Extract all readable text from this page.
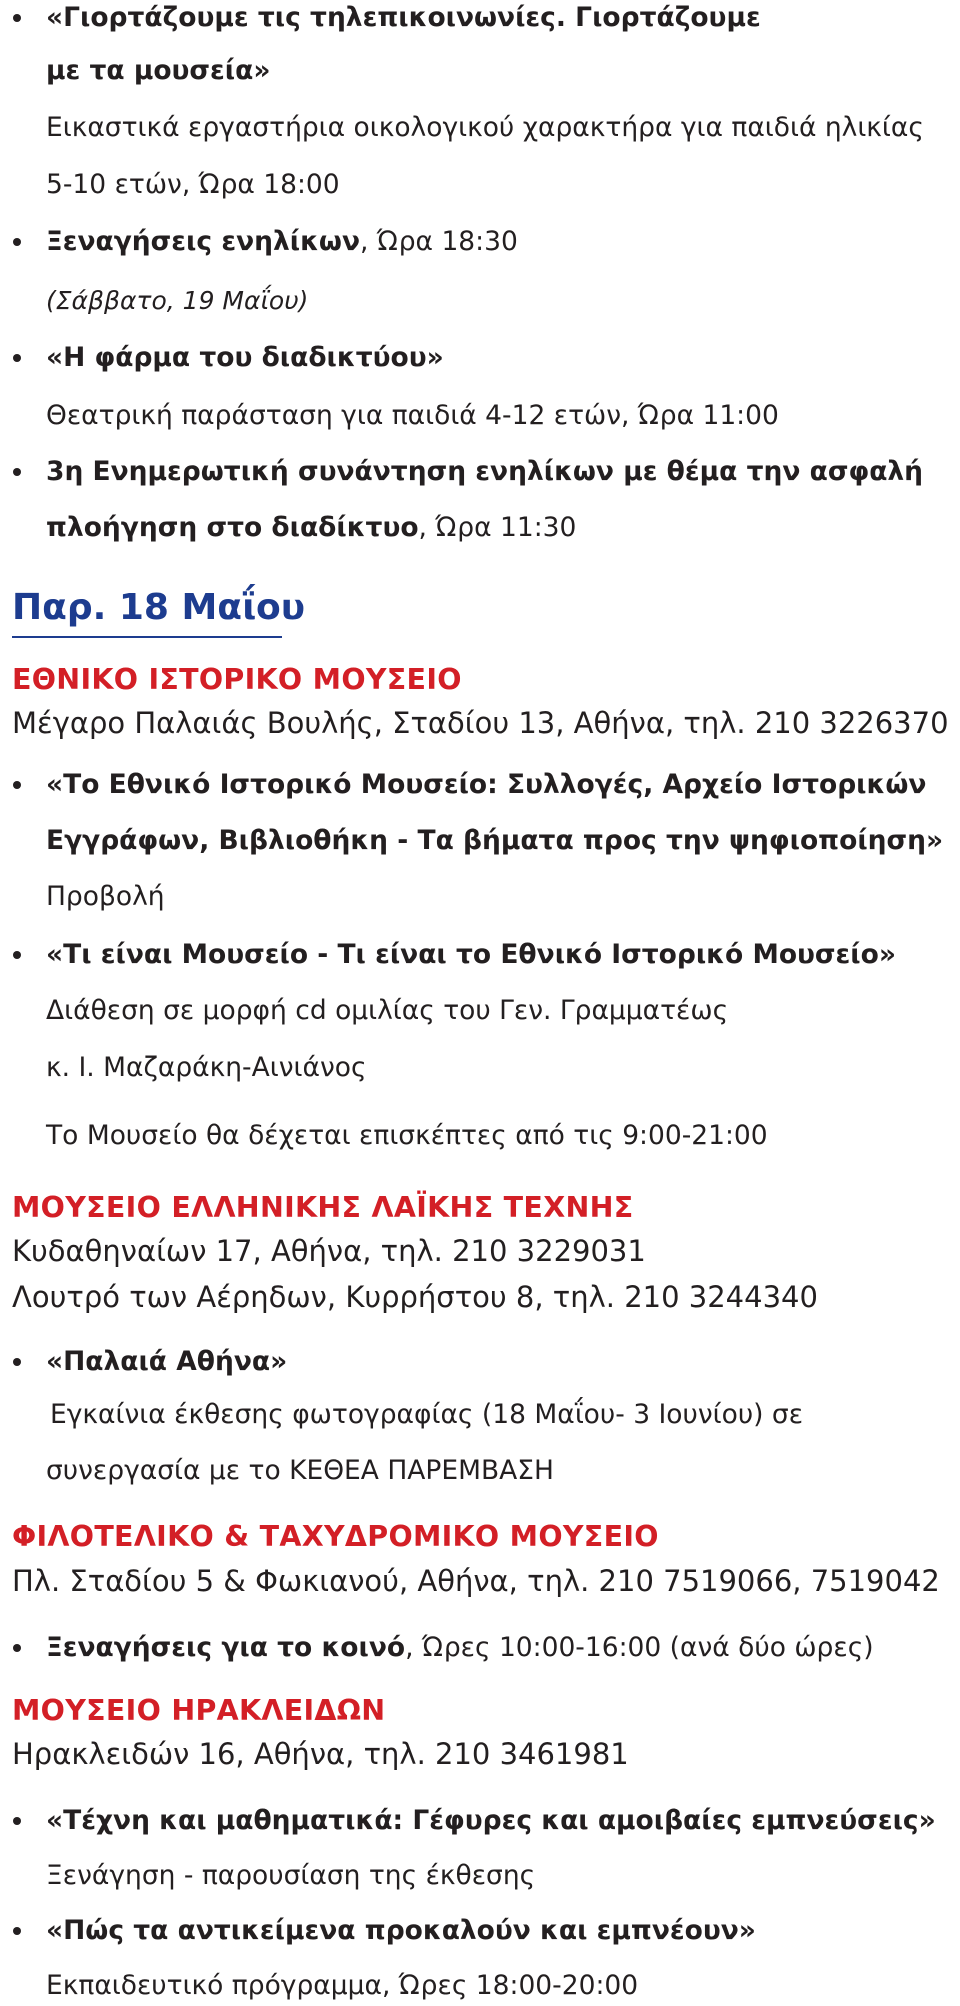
«Γιορτάζουμε τις τηλεπικοινωνίες. Γιορτάζουμε
με τα μουσεία»
Εικαστικά εργαστήρια οικολογικού χαρακτήρα για παιδιά ηλικίας
5-10 ετών, Ώρα 18:00
Ξεναγήσεις ενηλίκων, Ώρα 18:30
(Σάββατο, 19 Μαΐου)
«Η φάρμα του διαδικτύου»
Θεατρική παράσταση για παιδιά 4-12 ετών, Ώρα 11:00
3η Ενημερωτική συνάντηση ενηλίκων με θέμα την ασφαλή
πλοήγηση στο διαδίκτυο, Ώρα 11:30
Παρ. 18 Μαΐου
ΕΘΝΙΚΟ ΙΣΤΟΡΙΚΟ ΜΟΥΣΕΙΟ
Μέγαρο Παλαιάς Βουλής, Σταδίου 13, Αθήνα, τηλ. 210 3226370
«Το Εθνικό Ιστορικό Μουσείο: Συλλογές, Αρχείο Ιστορικών
Εγγράφων, Βιβλιοθήκη - Τα βήματα προς την ψηφιοποίηση»
Προβολή
«Τι είναι Μουσείο - Τι είναι το Εθνικό Ιστορικό Μουσείο»
Διάθεση σε μορφή cd ομιλίας του Γεν. Γραμματέως
κ. Ι. Μαζαράκη-Αινιάνος
Το Μουσείο θα δέχεται επισκέπτες από τις 9:00-21:00
ΜΟΥΣΕΙΟ ΕΛΛΗΝΙΚΗΣ ΛΑΪΚΗΣ ΤΕΧΝΗΣ
Κυδαθηναίων 17, Αθήνα, τηλ. 210 3229031
Λουτρό των Αέρηδων, Κυρρήστου 8, τηλ. 210 3244340
«Παλαιά Αθήνα»
Εγκαίνια έκθεσης φωτογραφίας (18 Μαΐου- 3 Ιουνίου) σε
συνεργασία με το ΚΕΘΕΑ ΠΑΡΕΜΒΑΣΗ
ΦΙΛΟΤΕΛΙΚΟ & ΤΑΧΥΔΡΟΜΙΚΟ ΜΟΥΣΕΙΟ
Πλ. Σταδίου 5 & Φωκιανού, Αθήνα, τηλ. 210 7519066, 7519042
Ξεναγήσεις για το κοινό, Ώρες 10:00-16:00 (ανά δύο ώρες)
ΜΟΥΣΕΙΟ ΗΡΑΚΛΕΙΔΩΝ
Ηρακλειδών 16, Αθήνα, τηλ. 210 3461981
«Τέχνη και μαθηματικά: Γέφυρες και αμοιβαίες εμπνεύσεις»
Ξενάγηση - παρουσίαση της έκθεσης
«Πώς τα αντικείμενα προκαλούν και εμπνέουν»
Εκπαιδευτικό πρόγραμμα, Ώρες 18:00-20:00
